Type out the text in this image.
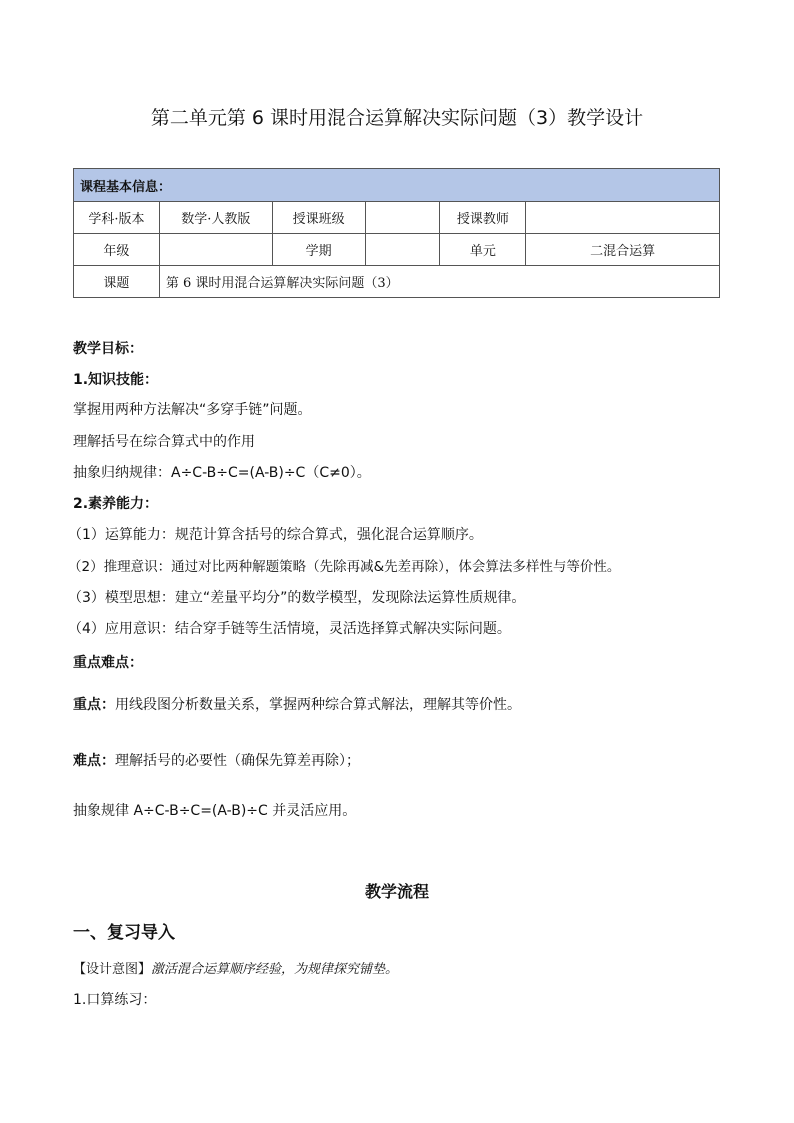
第二单元第 6 课时用混合运算解决实际问题（3）教学设计
课程基本信息：					
学科·版本	数学·人教版	授课班级		授课教师	
年级		学期		单元	二混合运算
课题	第 6 课时用混合运算解决实际问题（3）				
教学目标：
1.知识技能：
掌握用两种方法解决“多穿手链”问题。
理解括号在综合算式中的作用
抽象归纳规律：A÷C-B÷C=(A-B)÷C（C≠0）。
2.素养能力：
（1）运算能力：规范计算含括号的综合算式，强化混合运算顺序。
（2）推理意识：通过对比两种解题策略（先除再减&先差再除），体会算法多样性与等价性。
（3）模型思想：建立“差量平均分”的数学模型，发现除法运算性质规律。
（4）应用意识：结合穿手链等生活情境，灵活选择算式解决实际问题。
重点难点：
重点：用线段图分析数量关系，掌握两种综合算式解法，理解其等价性。
难点：理解括号的必要性（确保先算差再除）；
抽象规律 A÷C-B÷C=(A-B)÷C 并灵活应用。
教学流程
一、复习导入
【设计意图】激活混合运算顺序经验，为规律探究铺垫。
1.口算练习：
